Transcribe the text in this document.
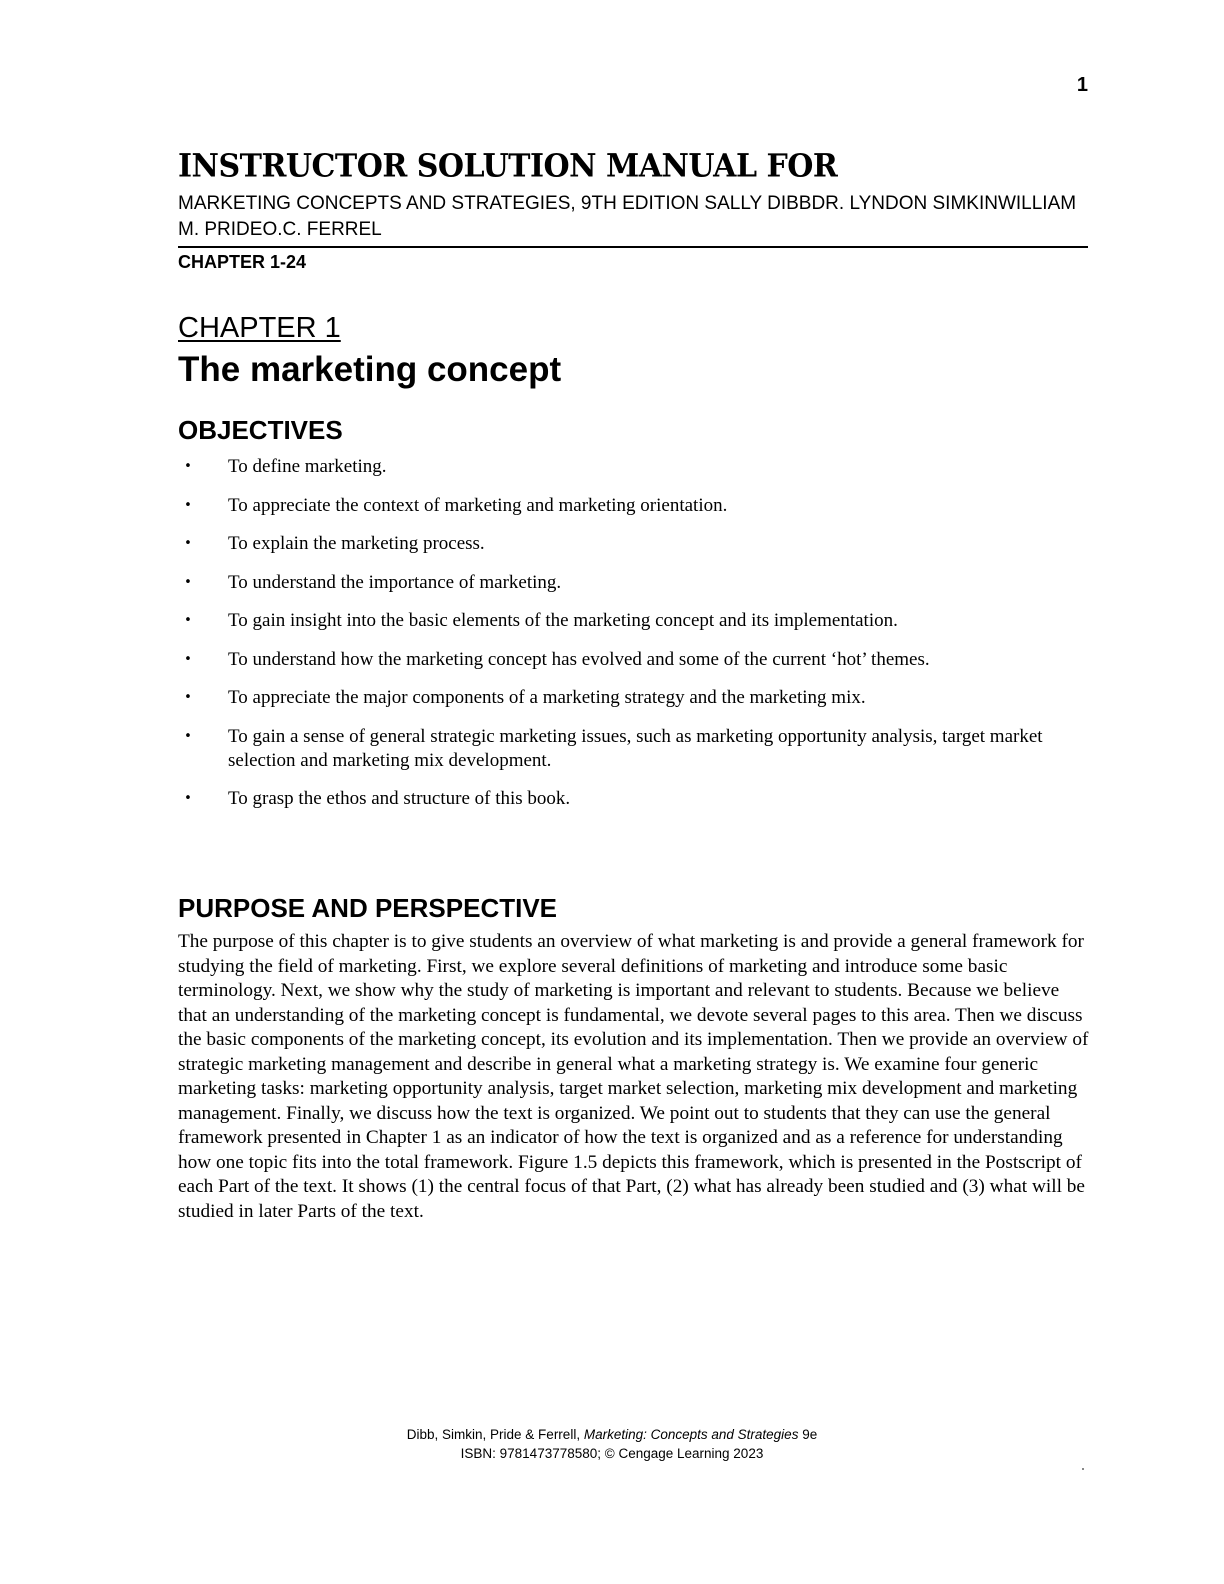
1
INSTRUCTOR SOLUTION MANUAL FOR

MARKETING CONCEPTS AND STRATEGIES, 9TH EDITION SALLY DIBBDR. LYNDON SIMKINWILLIAM M. PRIDEO.C. FERREL

CHAPTER 1-24

CHAPTER 1

The marketing concept
OBJECTIVES
•	To define marketing.
•	To appreciate the context of marketing and marketing orientation.
•	To explain the marketing process.
•	To understand the importance of marketing.
•	To gain insight into the basic elements of the marketing concept and its implementation.
•	To understand how the marketing concept has evolved and some of the current ‘hot’ themes.
•	To appreciate the major components of a marketing strategy and the marketing mix.
•	To gain a sense of general strategic marketing issues, such as marketing opportunity analysis, target market selection and marketing mix development.
•	To grasp the ethos and structure of this book.
PURPOSE AND PERSPECTIVE

The purpose of this chapter is to give students an overview of what marketing is and provide a general framework for studying the field of marketing. First, we explore several definitions of marketing and introduce some basic terminology. Next, we show why the study of marketing is important and relevant to students. Because we believe that an understanding of the marketing concept is fundamental, we devote several pages to this area. Then we discuss the basic components of the marketing concept, its evolution and its implementation. Then we provide an overview of strategic marketing management and describe in general what a marketing strategy is. We examine four generic marketing tasks: marketing opportunity analysis, target market selection, marketing mix development and marketing management. Finally, we discuss how the text is organized. We point out to students that they can use the general framework presented in Chapter 1 as an indicator of how the text is organized and as a reference for understanding how one topic fits into the total framework. Figure 1.5 depicts this framework, which is presented in the Postscript of each Part of the text. It shows (1) the central focus of that Part, (2) what has already been studied and (3) what will be studied in later Parts of the text.

Dibb, Simkin, Pride & Ferrell, Marketing: Concepts and Strategies 9e
ISBN: 9781473778580; © Cengage Learning 2023
